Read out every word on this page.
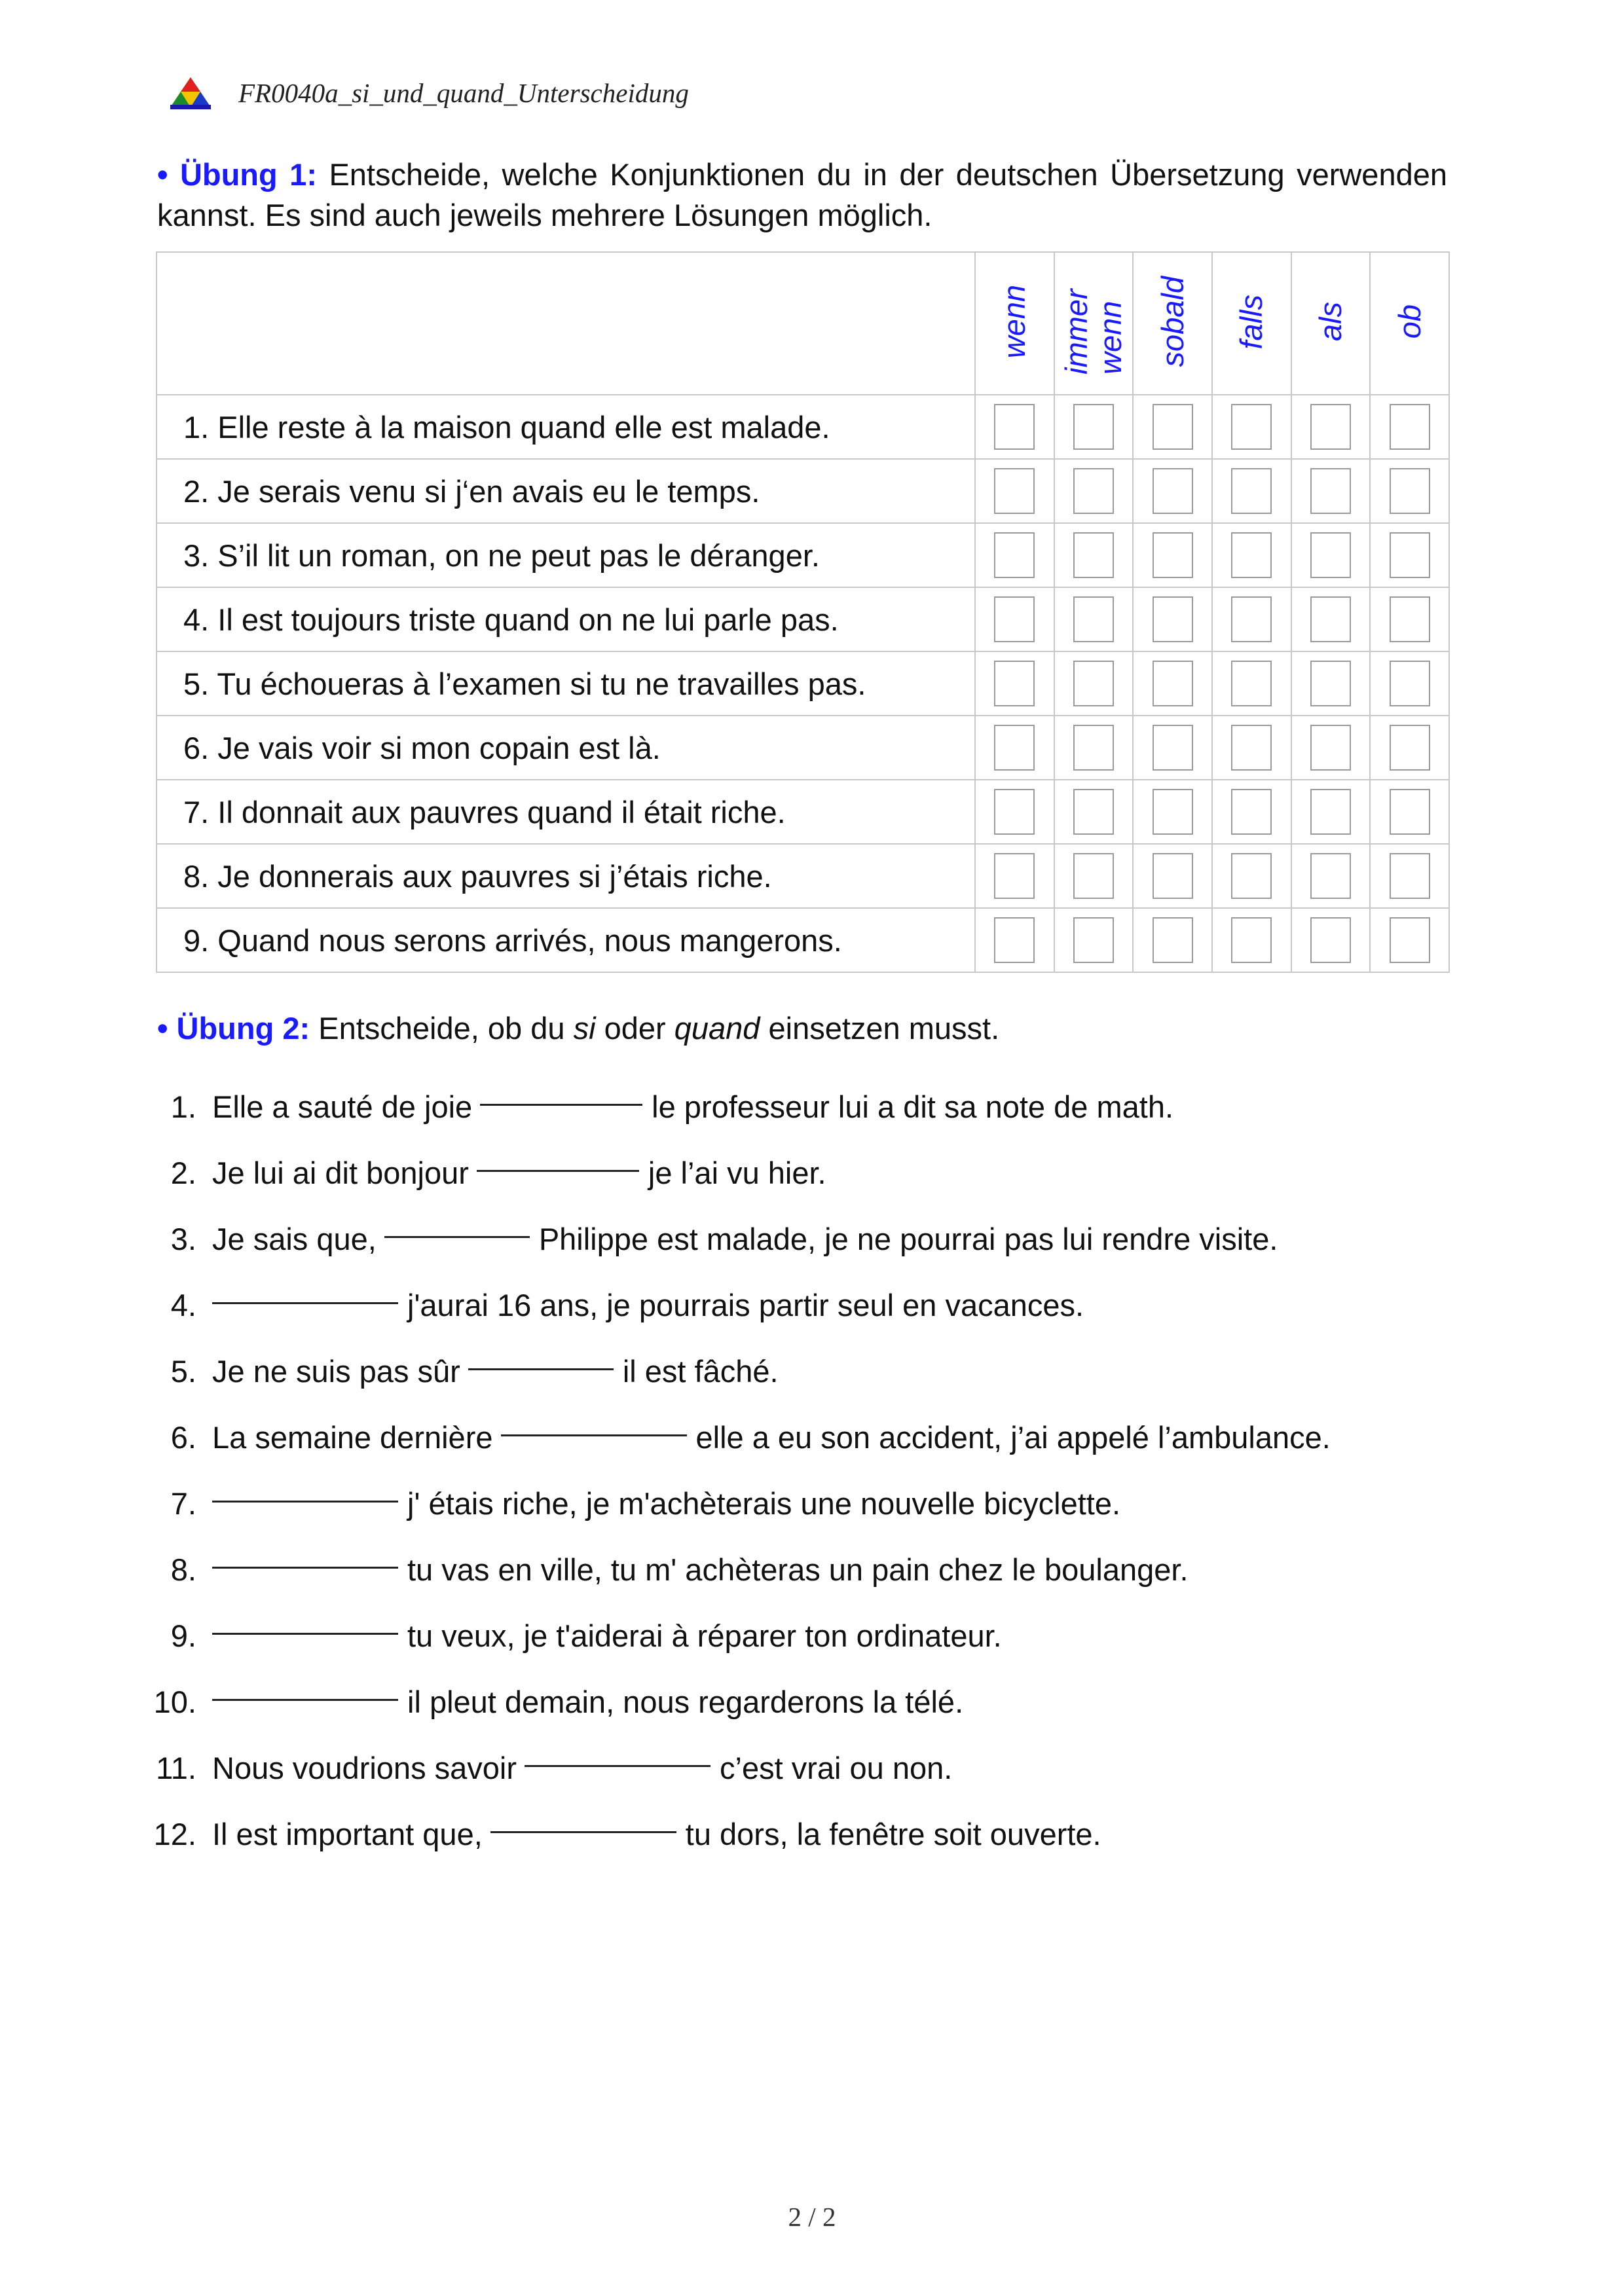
FR0040a_si_und_quand_Unterscheidung
• Übung 1: Entscheide, welche Konjunktionen du in der deutschen Übersetzung verwenden kannst. Es sind auch jeweils mehrere Lösungen möglich.
	wenn	immer wenn	sobald	falls	als	ob
1. Elle reste à la maison quand elle est malade.	

2. Je serais venu si j‘en avais eu le temps.	

3. S’il lit un roman, on ne peut pas le déranger.	

4. Il est toujours triste quand on ne lui parle pas.	

5. Tu échoueras à l’examen si tu ne travailles pas.	

6. Je vais voir si mon copain est là.	

7. Il donnait aux pauvres quand il était riche.	

8. Je donnerais aux pauvres si j’étais riche.	

9. Quand nous serons arrivés, nous mangerons.	

• Übung 2: Entscheide, ob du si oder quand einsetzen musst.
1. Elle a sauté de joie	le professeur lui a dit sa note de math.
2. Je lui ai dit bonjour	je l’ai vu hier.
3. Je sais que,	Philippe est malade, je ne pourrai pas lui rendre visite.
4.	j'aurai 16 ans, je pourrais partir seul en vacances.
5. Je ne suis pas sûr	il est fâché.
6. La semaine dernière	elle a eu son accident, j’ai appelé l’ambulance.
7.	j' étais riche, je m'achèterais une nouvelle bicyclette.
8.	tu vas en ville, tu m' achèteras un pain chez le boulanger.
9.	tu veux, je t'aiderai à réparer ton ordinateur.
10.	il pleut demain, nous regarderons la télé.
11. Nous voudrions savoir	c’est vrai ou non.
12. Il est important que,	tu dors, la fenêtre soit ouverte.
2 / 2
